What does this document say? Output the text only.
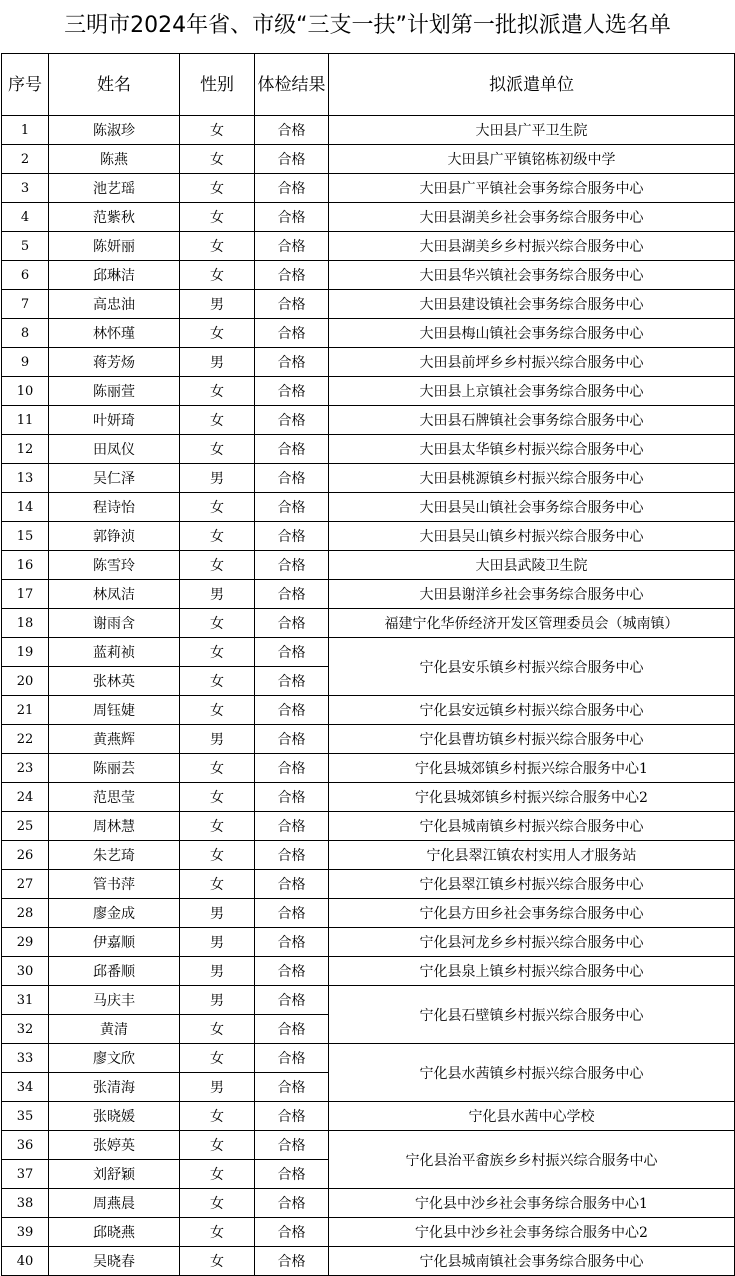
三明市2024年省、市级“三支一扶”计划第一批拟派遣人选名单
序号	姓名	性别	体检结果	拟派遣单位
1	陈淑珍	女	合格	大田县广平卫生院
2	陈燕	女	合格	大田县广平镇铭栋初级中学
3	池艺瑶	女	合格	大田县广平镇社会事务综合服务中心
4	范紫秋	女	合格	大田县湖美乡社会事务综合服务中心
5	陈妍丽	女	合格	大田县湖美乡乡村振兴综合服务中心
6	邱琳洁	女	合格	大田县华兴镇社会事务综合服务中心
7	高忠油	男	合格	大田县建设镇社会事务综合服务中心
8	林怀瑾	女	合格	大田县梅山镇社会事务综合服务中心
9	蒋芳炀	男	合格	大田县前坪乡乡村振兴综合服务中心
10	陈丽萱	女	合格	大田县上京镇社会事务综合服务中心
11	叶妍琦	女	合格	大田县石牌镇社会事务综合服务中心
12	田凤仪	女	合格	大田县太华镇乡村振兴综合服务中心
13	吴仁泽	男	合格	大田县桃源镇乡村振兴综合服务中心
14	程诗怡	女	合格	大田县吴山镇社会事务综合服务中心
15	郭铮浈	女	合格	大田县吴山镇乡村振兴综合服务中心
16	陈雪玲	女	合格	大田县武陵卫生院
17	林凤洁	男	合格	大田县谢洋乡社会事务综合服务中心
18	谢雨含	女	合格	福建宁化华侨经济开发区管理委员会（城南镇）
19	蓝莉祯	女	合格	宁化县安乐镇乡村振兴综合服务中心
20	张林英	女	合格	
21	周钰婕	女	合格	宁化县安远镇乡村振兴综合服务中心
22	黄燕辉	男	合格	宁化县曹坊镇乡村振兴综合服务中心
23	陈丽芸	女	合格	宁化县城郊镇乡村振兴综合服务中心1
24	范思莹	女	合格	宁化县城郊镇乡村振兴综合服务中心2
25	周林慧	女	合格	宁化县城南镇乡村振兴综合服务中心
26	朱艺琦	女	合格	宁化县翠江镇农村实用人才服务站
27	管书萍	女	合格	宁化县翠江镇乡村振兴综合服务中心
28	廖金成	男	合格	宁化县方田乡社会事务综合服务中心
29	伊嘉顺	男	合格	宁化县河龙乡乡村振兴综合服务中心
30	邱番顺	男	合格	宁化县泉上镇乡村振兴综合服务中心
31	马庆丰	男	合格	宁化县石壁镇乡村振兴综合服务中心
32	黄清	女	合格	
33	廖文欣	女	合格	宁化县水茜镇乡村振兴综合服务中心
34	张清海	男	合格	
35	张晓媛	女	合格	宁化县水茜中心学校
36	张婷英	女	合格	宁化县治平畲族乡乡村振兴综合服务中心
37	刘舒颖	女	合格	
38	周燕晨	女	合格	宁化县中沙乡社会事务综合服务中心1
39	邱晓燕	女	合格	宁化县中沙乡社会事务综合服务中心2
40	吴晓春	女	合格	宁化县城南镇社会事务综合服务中心
